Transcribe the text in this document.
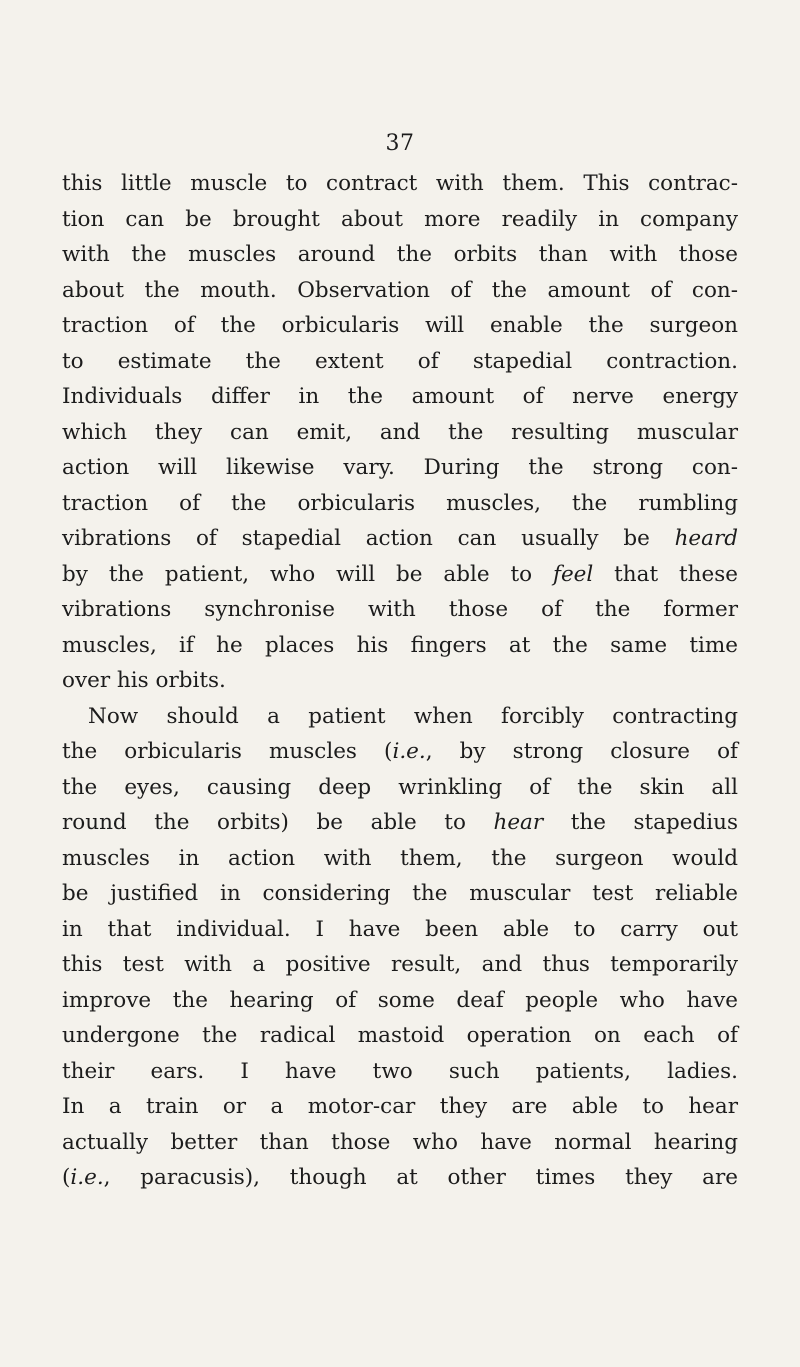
37
this little muscle to contract with them. This contrac-
tion can be brought about more readily in company
with the muscles around the orbits than with those
about the mouth. Observation of the amount of con-
traction of the orbicularis will enable the surgeon
to estimate the extent of stapedial contraction.
Individuals differ in the amount of nerve energy
which they can emit, and the resulting muscular
action will likewise vary. During the strong con-
traction of the orbicularis muscles, the rumbling
vibrations of stapedial action can usually be heard
by the patient, who will be able to feel that these
vibrations synchronise with those of the former
muscles, if he places his fingers at the same time
over his orbits.
Now should a patient when forcibly contracting
the orbicularis muscles (i.e., by strong closure of
the eyes, causing deep wrinkling of the skin all
round the orbits) be able to hear the stapedius
muscles in action with them, the surgeon would
be justified in considering the muscular test reliable
in that individual. I have been able to carry out
this test with a positive result, and thus temporarily
improve the hearing of some deaf people who have
undergone the radical mastoid operation on each of
their ears. I have two such patients, ladies.
In a train or a motor-car they are able to hear
actually better than those who have normal hearing
(i.e., paracusis), though at other times they are
